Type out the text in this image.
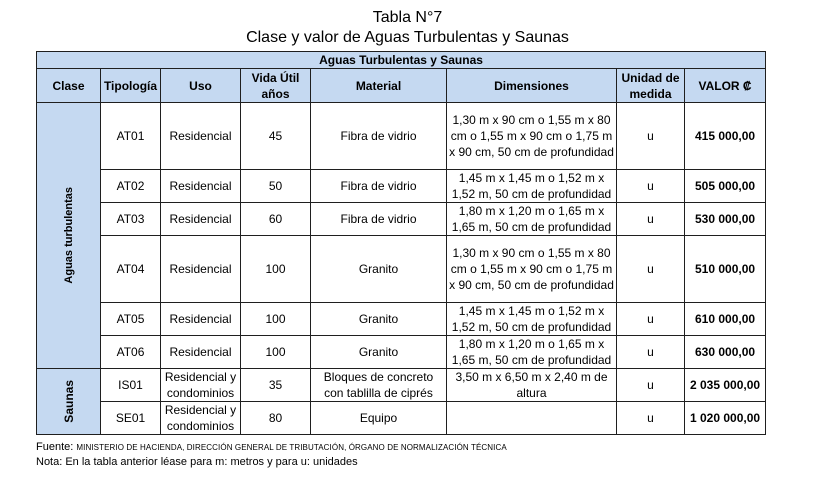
Tabla N°7
Clase y valor de Aguas Turbulentas y Saunas
Aguas Turbulentas y Saunas							
Clase	Tipología	Uso	Vida Útil años	Material	Dimensiones	Unidad de medida	VALOR ₡

Aguas turbulentas	AT01	Residencial	45	Fibra de vidrio	1,30 m x 90 cm o 1,55 m x 80 cm o 1,55 m x 90 cm o 1,75 m x 90 cm, 50 cm de profundidad	u	415 000,00
	AT02	Residencial	50	Fibra de vidrio	1,45 m x 1,45 m o 1,52 m x 1,52 m, 50 cm de profundidad	u	505 000,00
	AT03	Residencial	60	Fibra de vidrio	1,80 m x 1,20 m o 1,65 m x 1,65 m, 50 cm de profundidad	u	530 000,00
	AT04	Residencial	100	Granito	1,30 m x 90 cm o 1,55 m x 80 cm o 1,55 m x 90 cm o 1,75 m x 90 cm, 50 cm de profundidad	u	510 000,00
	AT05	Residencial	100	Granito	1,45 m x 1,45 m o 1,52 m x 1,52 m, 50 cm de profundidad	u	610 000,00
	AT06	Residencial	100	Granito	1,80 m x 1,20 m o 1,65 m x 1,65 m, 50 cm de profundidad	u	630 000,00

Saunas	IS01	Residencial y condominios	35	Bloques de concreto con tablilla de ciprés	3,50 m x 6,50 m x 2,40 m de altura	u	2 035 000,00
	SE01	Residencial y condominios	80	Equipo		u	1 020 000,00
Fuente: MINISTERIO DE HACIENDA, DIRECCIÓN GENERAL DE TRIBUTACIÓN, ÓRGANO DE NORMALIZACIÓN TÉCNICA
Nota: En la tabla anterior léase para m: metros y para u: unidades
